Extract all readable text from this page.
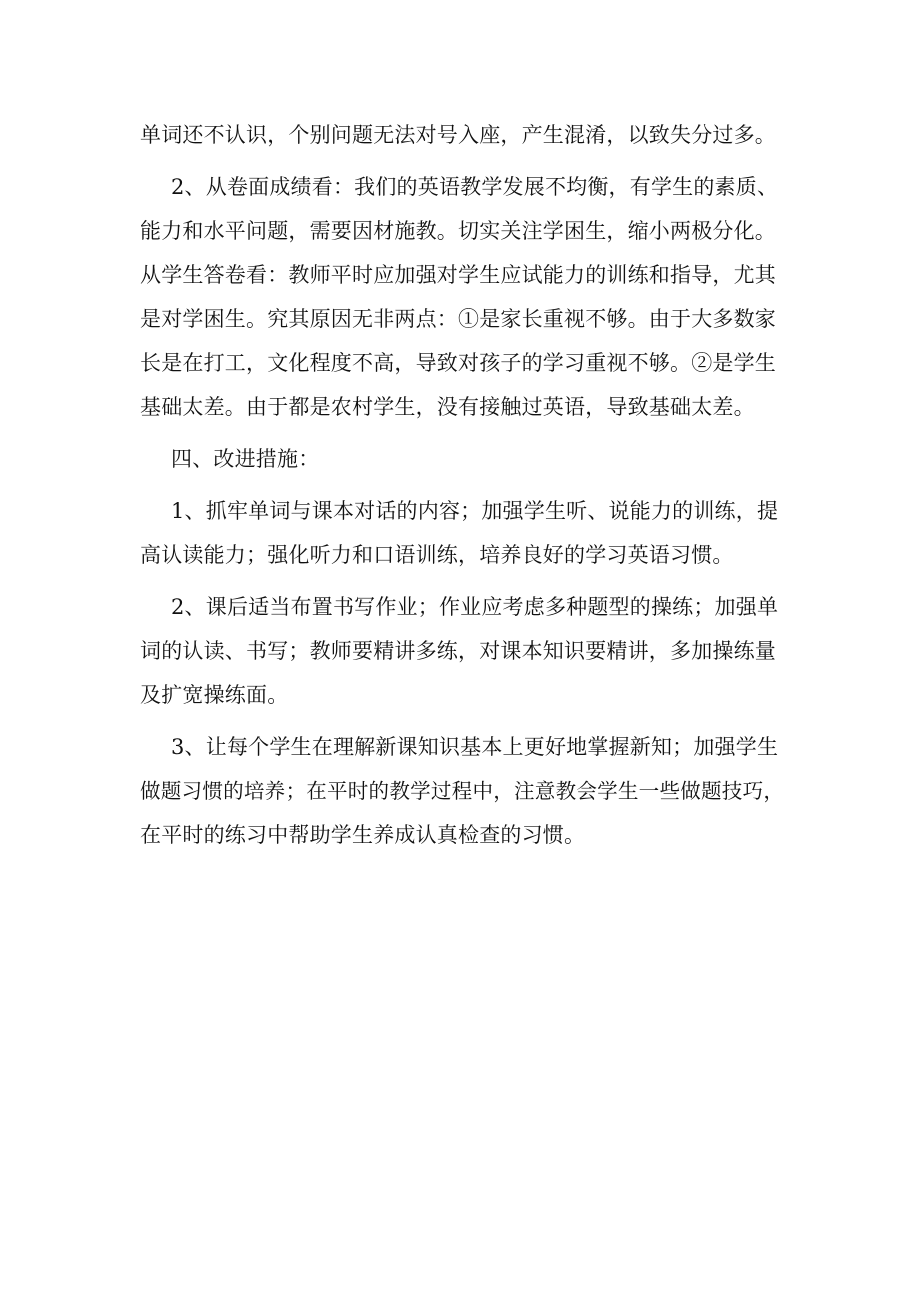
单词还不认识，个别问题无法对号入座，产生混淆，以致失分过多。
2、从卷面成绩看：我们的英语教学发展不均衡，有学生的素质、
能力和水平问题，需要因材施教。切实关注学困生，缩小两极分化。
从学生答卷看：教师平时应加强对学生应试能力的训练和指导，尤其
是对学困生。究其原因无非两点：①是家长重视不够。由于大多数家
长是在打工，文化程度不高，导致对孩子的学习重视不够。②是学生
基础太差。由于都是农村学生，没有接触过英语，导致基础太差。
四、改进措施：
1、抓牢单词与课本对话的内容；加强学生听、说能力的训练，提
高认读能力；强化听力和口语训练，培养良好的学习英语习惯。
2、课后适当布置书写作业；作业应考虑多种题型的操练；加强单
词的认读、书写；教师要精讲多练，对课本知识要精讲，多加操练量
及扩宽操练面。
3、让每个学生在理解新课知识基本上更好地掌握新知；加强学生
做题习惯的培养；在平时的教学过程中，注意教会学生一些做题技巧，
在平时的练习中帮助学生养成认真检查的习惯。
